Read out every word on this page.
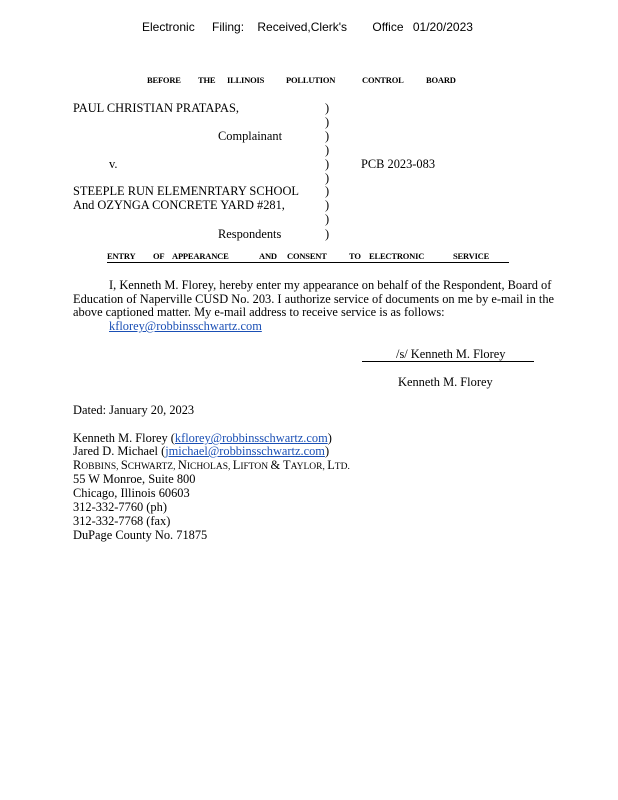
Electronic Filing: Received,Clerk's Office 01/20/2023
BEFORE THE ILLINOIS	POLLUTION	CONTROL	BOARD
PAUL CHRISTIAN PRATAPAS,
Complainant
v.	PCB 2023-083
STEEPLE RUN ELEMENRTARY SCHOOL
And OZYNGA CONCRETE YARD #281,
Respondents
)
)
)
)
)
)
)
)
)
)
ENTRY OF APPEARANCE	AND CONSENT	TO ELECTRONIC	SERVICE
I, Kenneth M. Florey, hereby enter my appearance on behalf of the Respondent, Board of
Education of Naperville CUSD No. 203. I authorize service of documents on me by e-mail in the
above captioned matter. My e-mail address to receive service is as follows:
kflorey@robbinsschwartz.com
/s/ Kenneth M. Florey
Kenneth M. Florey
Dated: January 20, 2023
Kenneth M. Florey (kflorey@robbinsschwartz.com)
Jared D. Michael (jmichael@robbinsschwartz.com)
ROBBINS, SCHWARTZ, NICHOLAS, LIFTON & TAYLOR, LTD.
55 W Monroe, Suite 800
Chicago, Illinois 60603
312-332-7760 (ph)
312-332-7768 (fax)
DuPage County No. 71875
